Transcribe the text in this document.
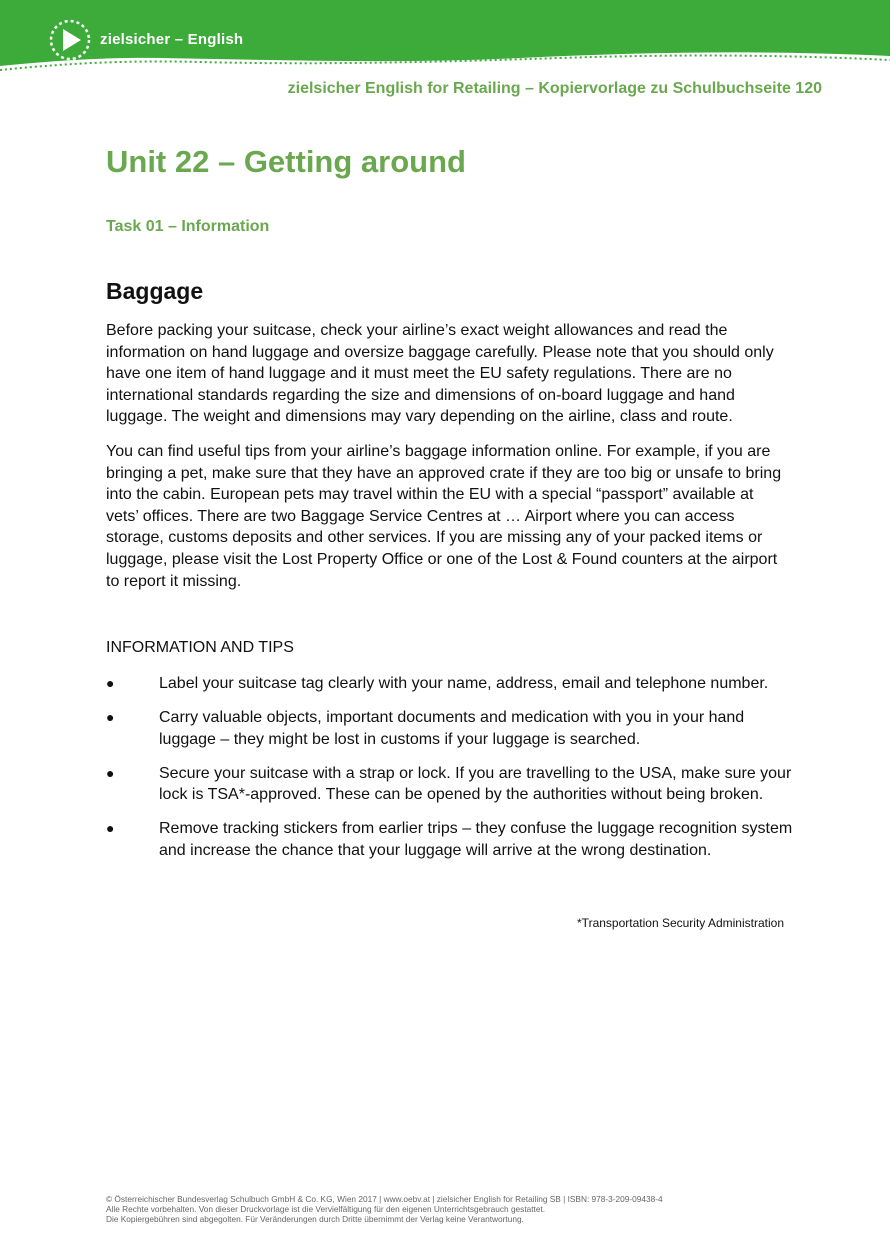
zielsicher – English
zielsicher English for Retailing – Kopiervorlage zu Schulbuchseite 120
Unit 22 – Getting around
Task 01 – Information
Baggage

Before packing your suitcase, check your airline’s exact weight allowances and read the information on hand luggage and oversize baggage carefully. Please note that you should only have one item of hand luggage and it must meet the EU safety regulations. There are no international standards regarding the size and dimensions of on-board luggage and hand luggage. The weight and dimensions may vary depending on the airline, class and route.

You can find useful tips from your airline’s baggage information online. For example, if you are bringing a pet, make sure that they have an approved crate if they are too big or unsafe to bring into the cabin. European pets may travel within the EU with a special “passport” available at vets’ offices. There are two Baggage Service Centres at … Airport where you can access storage, customs deposits and other services. If you are missing any of your packed items or luggage, please visit the Lost Property Office or one of the Lost & Found counters at the airport to report it missing.

INFORMATION AND TIPS
●	Label your suitcase tag clearly with your name, address, email and telephone number.
●	Carry valuable objects, important documents and medication with you in your hand luggage – they might be lost in customs if your luggage is searched.
●	Secure your suitcase with a strap or lock. If you are travelling to the USA, make sure your lock is TSA*-approved. These can be opened by the authorities without being broken.
●	Remove tracking stickers from earlier trips – they confuse the luggage recognition system and increase the chance that your luggage will arrive at the wrong destination.
*Transportation Security Administration
© Österreichischer Bundesverlag Schulbuch GmbH & Co. KG, Wien 2017 | www.oebv.at | zielsicher English for Retailing SB | ISBN: 978-3-209-09438-4
Alle Rechte vorbehalten. Von dieser Druckvorlage ist die Vervielfältigung für den eigenen Unterrichtsgebrauch gestattet.
Die Kopiergebühren sind abgegolten. Für Veränderungen durch Dritte übernimmt der Verlag keine Verantwortung.
